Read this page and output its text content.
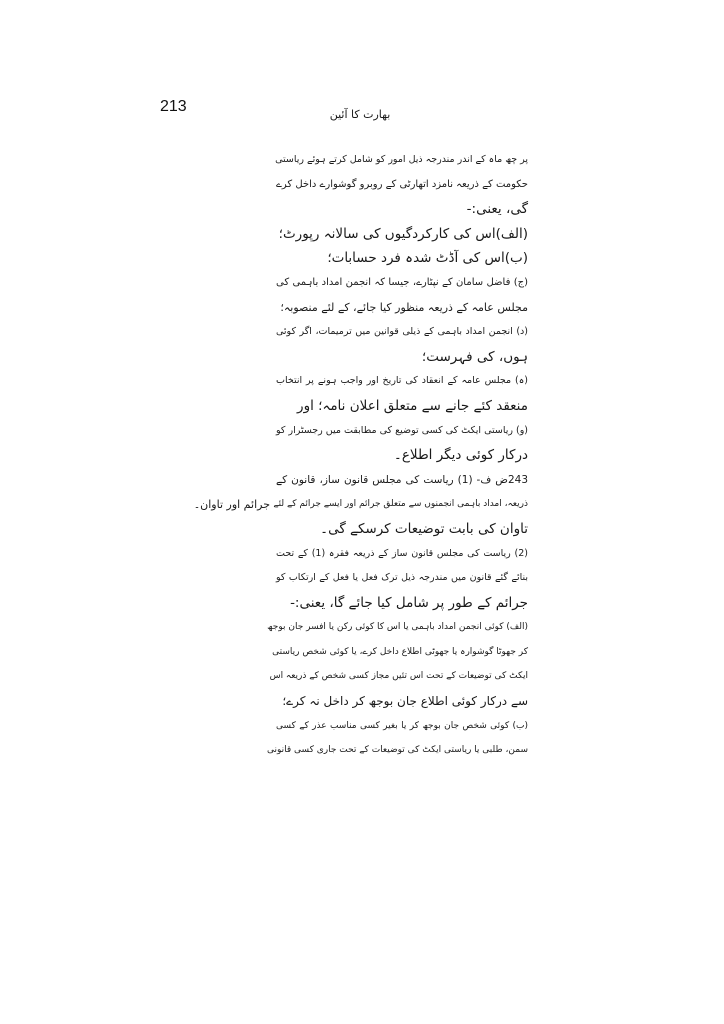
213	بھارت کا آئین
جرائم اور تاوان۔
پر چھ ماہ کے اندر مندرجہ ذیل امور کو شامل کرتے ہوئے ریاستی
حکومت کے ذریعہ نامزد اتھارٹی کے روبرو گوشوارے داخل کرے
گی، یعنی:-
(الف)اس کی کارکردگیوں کی سالانہ رپورٹ؛
(ب)اس کی آڈٹ شدہ فرد حسابات؛
(ج) فاضل سامان کے نپٹارے، جیسا کہ انجمن امداد باہمی کی
مجلس عامہ کے ذریعہ منظور کیا جائے، کے لئے منصوبہ؛
(د) انجمن امداد باہمی کے ذیلی قوانین میں ترمیمات، اگر کوئی
ہوں، کی فہرست؛
(ہ) مجلس عامہ کے انعقاد کی تاریخ اور واجب ہونے پر انتخاب
منعقد کئے جانے سے متعلق اعلان نامہ؛ اور
(و) ریاستی ایکٹ کی کسی توضیع کی مطابقت میں رجسٹرار کو
درکار کوئی دیگر اطلاع۔
243ض ف- (1) ریاست کی مجلس قانون ساز، قانون کے
ذریعہ، امداد باہمی انجمنوں سے متعلق جرائم اور ایسے جرائم کے لئے
تاوان کی بابت توضیعات کرسکے گی۔
(2) ریاست کی مجلس قانون ساز کے ذریعہ فقرہ (1) کے تحت
بنائے گئے قانون میں مندرجہ ذیل ترک فعل یا فعل کے ارتکاب کو
جرائم کے طور پر شامل کیا جائے گا، یعنی:-
(الف) کوئی انجمن امداد باہمی یا اس کا کوئی رکن یا افسر جان بوجھ
کر جھوٹا گوشوارہ یا جھوٹی اطلاع داخل کرے، یا کوئی شخص ریاستی
ایکٹ کی توضیعات کے تحت اس تئیں مجاز کسی شخص کے ذریعہ اس
سے درکار کوئی اطلاع جان بوجھ کر داخل نہ کرے؛
(ب) کوئی شخص جان بوجھ کر یا بغیر کسی مناسب عذر کے کسی
سمن، طلبی یا ریاستی ایکٹ کی توضیعات کے تحت جاری کسی قانونی
